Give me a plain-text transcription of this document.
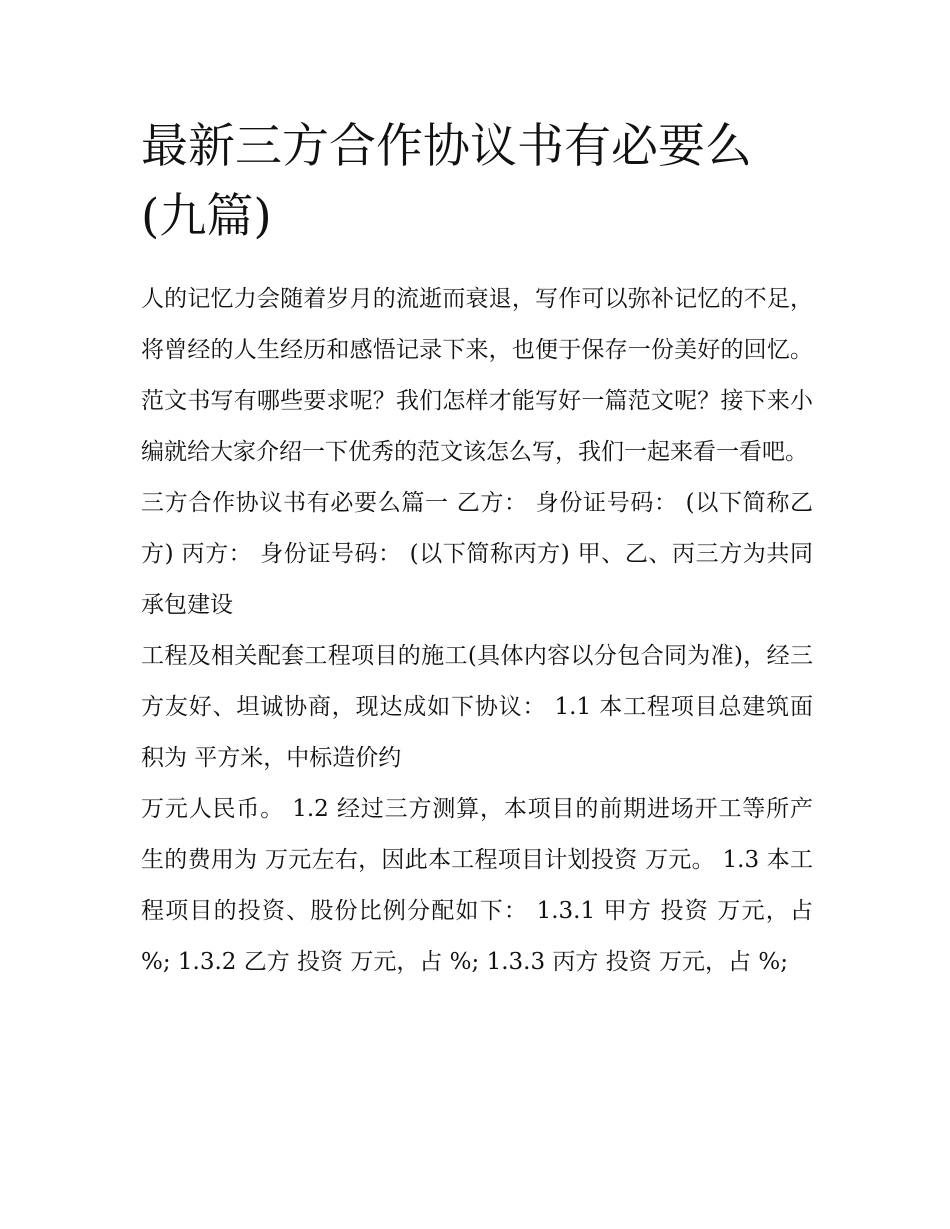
最新三方合作协议书有必要么(九篇)

人的记忆力会随着岁月的流逝而衰退，写作可以弥补记忆的不足，将曾经的人生经历和感悟记录下来，也便于保存一份美好的回忆。范文书写有哪些要求呢？我们怎样才能写好一篇范文呢？接下来小编就给大家介绍一下优秀的范文该怎么写，我们一起来看一看吧。

三方合作协议书有必要么篇一 乙方： 身份证号码： (以下简称乙方) 丙方： 身份证号码： (以下简称丙方) 甲、乙、丙三方为共同承包建设

工程及相关配套工程项目的施工(具体内容以分包合同为准)，经三方友好、坦诚协商，现达成如下协议： 1.1 本工程项目总建筑面积为 平方米，中标造价约

万元人民币。 1.2 经过三方测算，本项目的前期进场开工等所产生的费用为 万元左右，因此本工程项目计划投资 万元。 1.3 本工程项目的投资、股份比例分配如下： 1.3.1 甲方 投资 万元，占 %; 1.3.2 乙方 投资 万元，占 %; 1.3.3 丙方 投资 万元，占 %;
